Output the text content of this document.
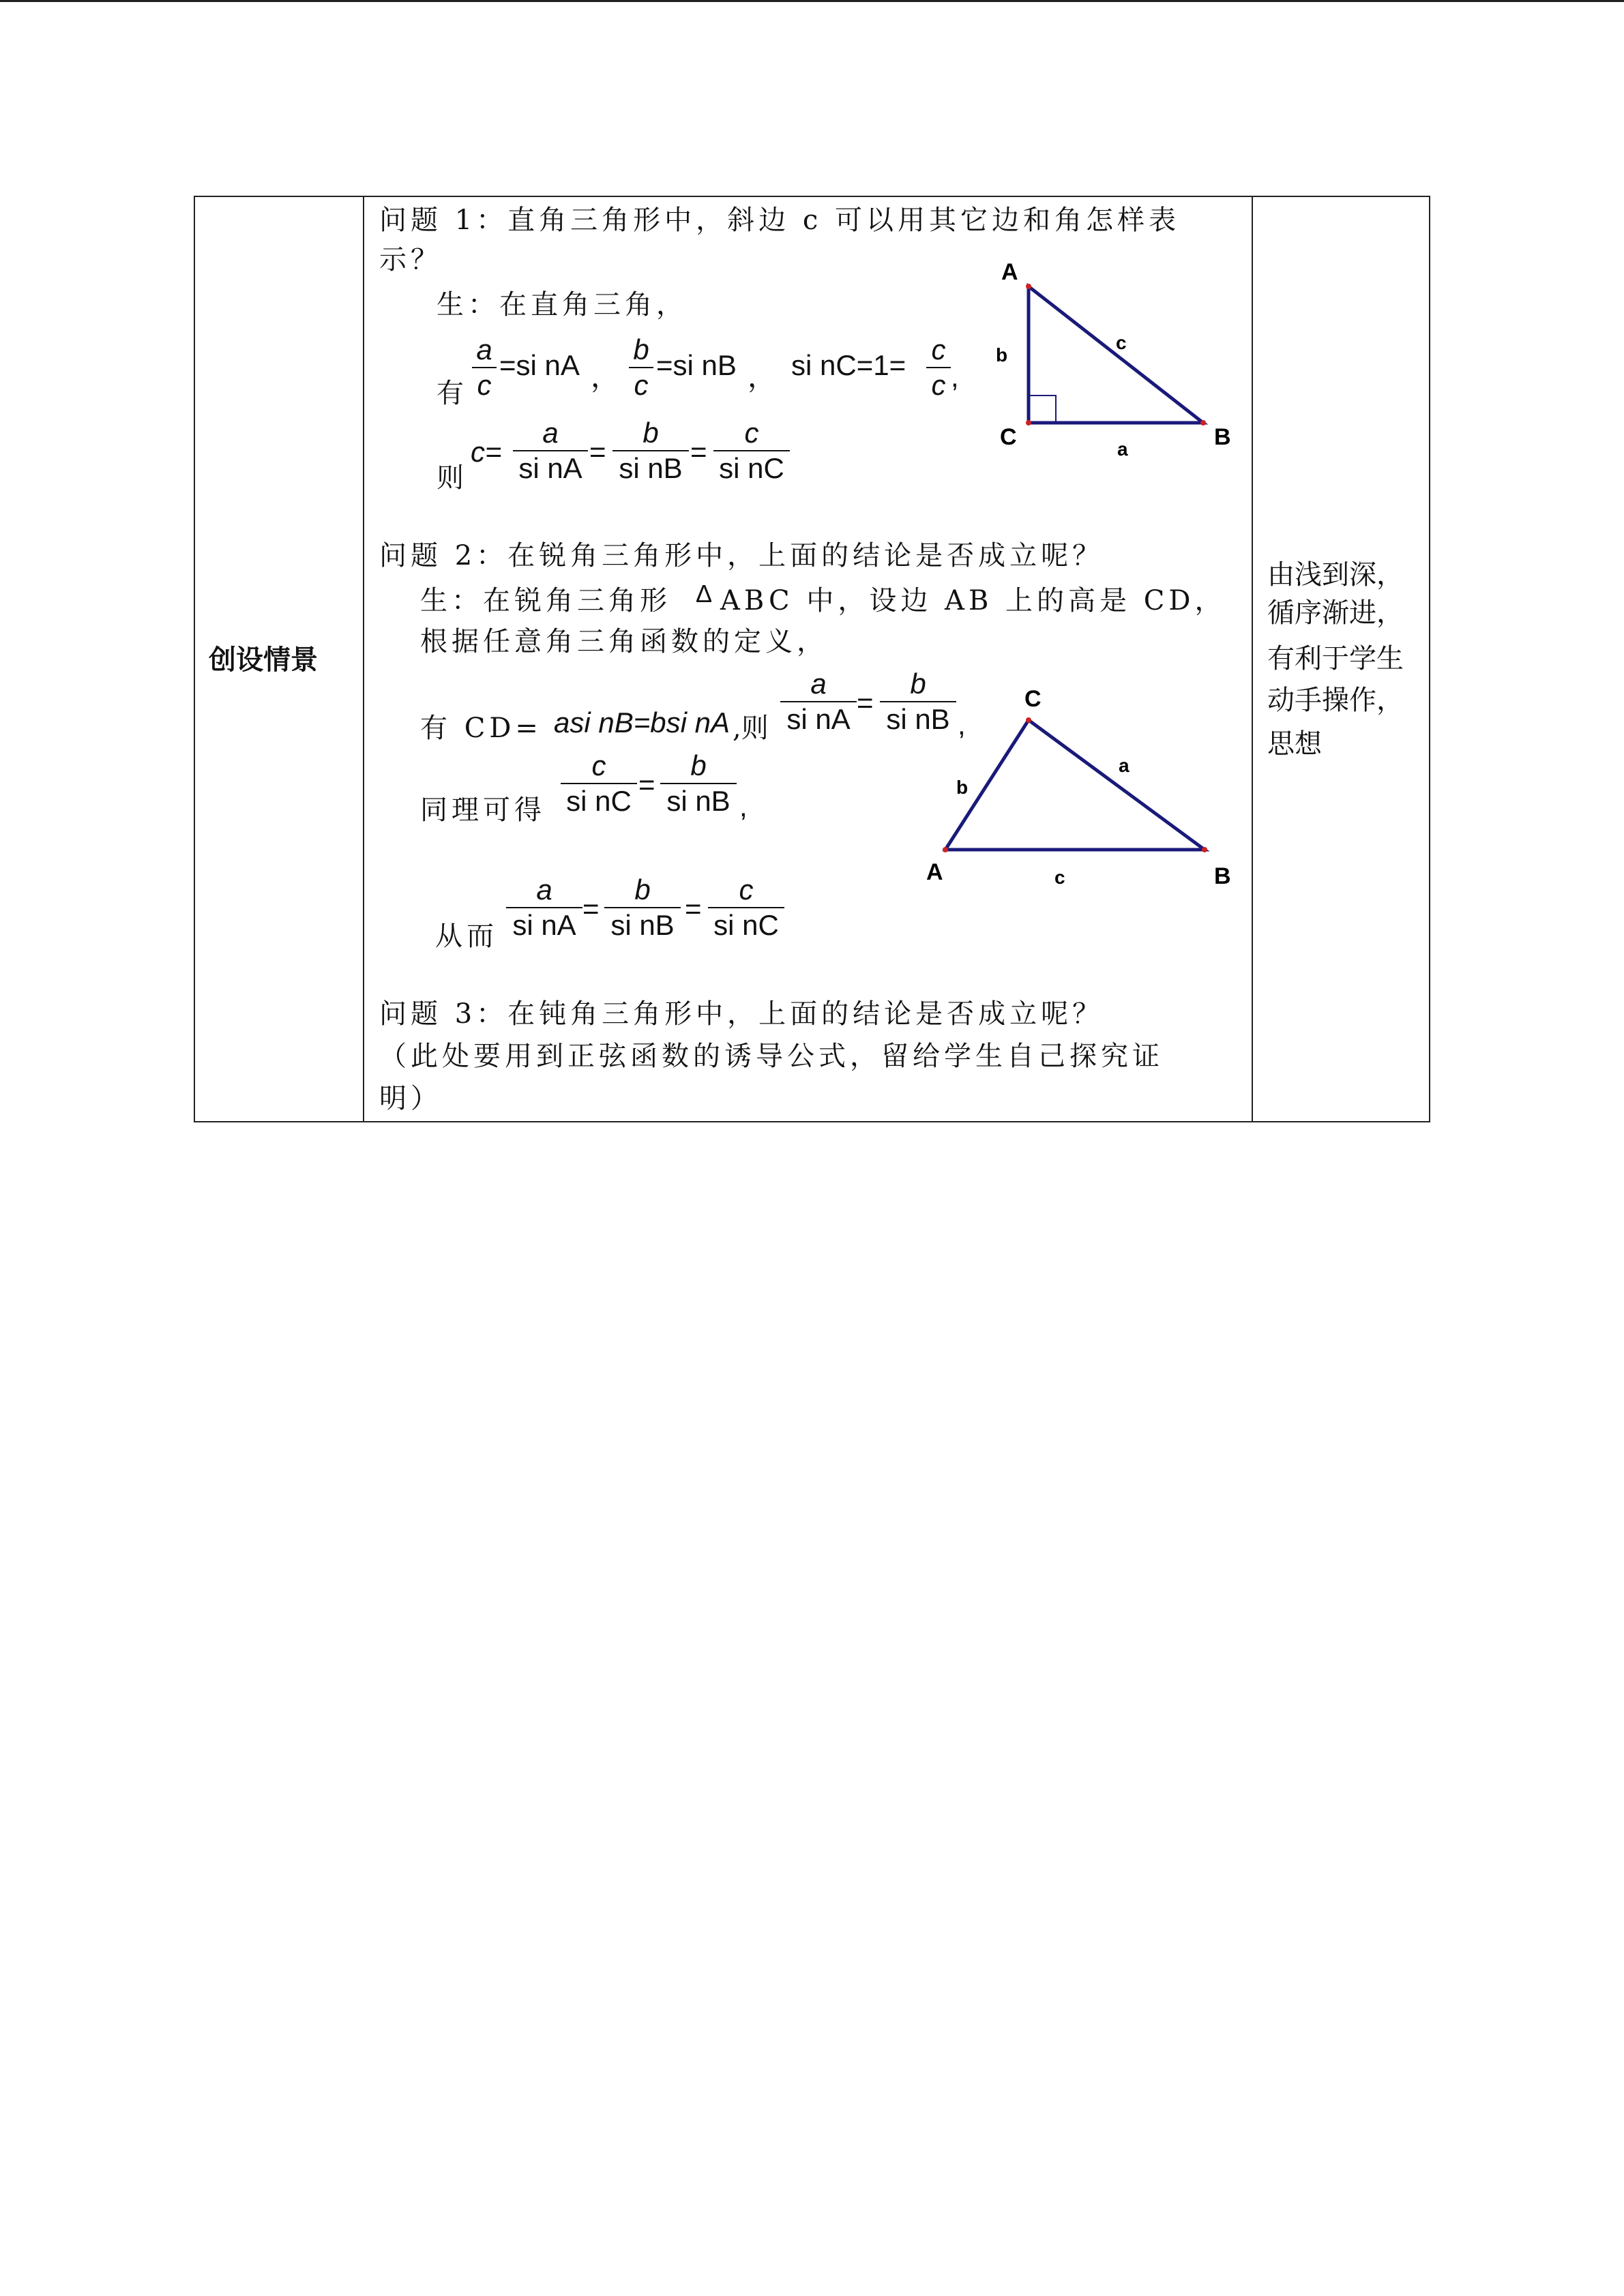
创设情景
由浅到深，
循序渐进，
有利于学生
动手操作，
思想
问题 1：直角三角形中，斜边 c 可以用其它边和角怎样表
示？
生：在直角三角，
有
a
c
=si nA ，
b
c
=si nB ， si nC=1= c
c ,
则
c=
a
si nA
=
b
si nB
=
c
si nC
A
C	B
b
c
a
问题 2：在锐角三角形中，上面的结论是否成立呢？
生：在锐角三角形 Δ ABC 中，设边 AB 上的高是 CD，
根据任意角三角函数的定义，
有 CD= asi nB=bsi nA ,则
a
si nA
=
b
si nB ,
同理可得
c
si nC
=
b
si nB ,
从而
a
si nA
=
b
si nB
=
c
si nC
C
A	B
b
a
c
问题 3：在钝角三角形中，上面的结论是否成立呢？
（此处要用到正弦函数的诱导公式，留给学生自己探究证
明）
